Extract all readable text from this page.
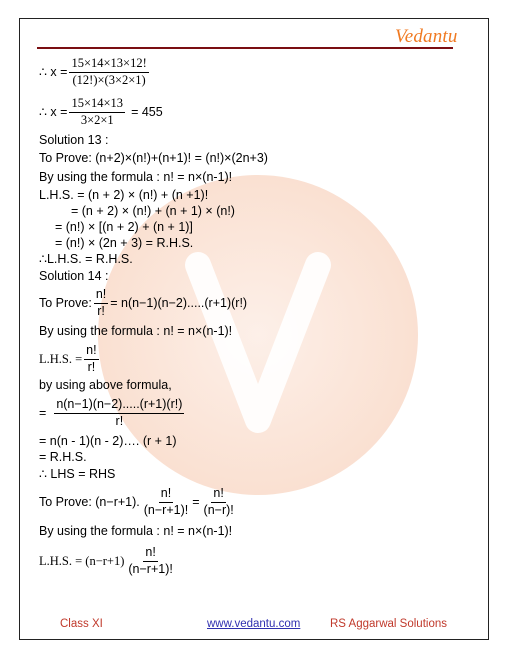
Vedantu
∴ $x = \frac{15\times 14\times 13\times 12!}{(12!)\times(3\times 2\times 1)}$
∴ $x = \frac{15\times 14\times 13}{3\times 2\times 1} = 455$
Solution 13 :
To Prove: (n+2)×(n!)+(n+1)! = (n!)×(2n+3)
By using the formula : n! = n×(n-1)!
L.H.S. = (n + 2) × (n!) + (n +1)!
= (n + 2) × (n!) + (n + 1) × (n!)
= (n!) × [(n + 2) + (n + 1)]
= (n!) × (2n + 3) = R.H.S.
∴L.H.S. = R.H.S.
Solution 14 :
To Prove: $\frac{n!}{r!} = n(n-1)(n-2).....(r+1)(r!)$
By using the formula : n! = n×(n-1)!
L.H.S. = $\frac{n!}{r!}$
by using above formula,
= $\frac{n(n-1)(n-2).....(r+1)(r!)}{r!}$
= n(n - 1)(n - 2)…. (r + 1)
= R.H.S.
∴ LHS = RHS
To Prove: (n−r+1). $\frac{n!}{(n-r+1)!} = \frac{n!}{(n-r)!}$
By using the formula : n! = n×(n-1)!
L.H.S. = $(n-r+1) \frac{n!}{(n-r+1)!}$
Class XI	www.vedantu.com	RS Aggarwal Solutions
